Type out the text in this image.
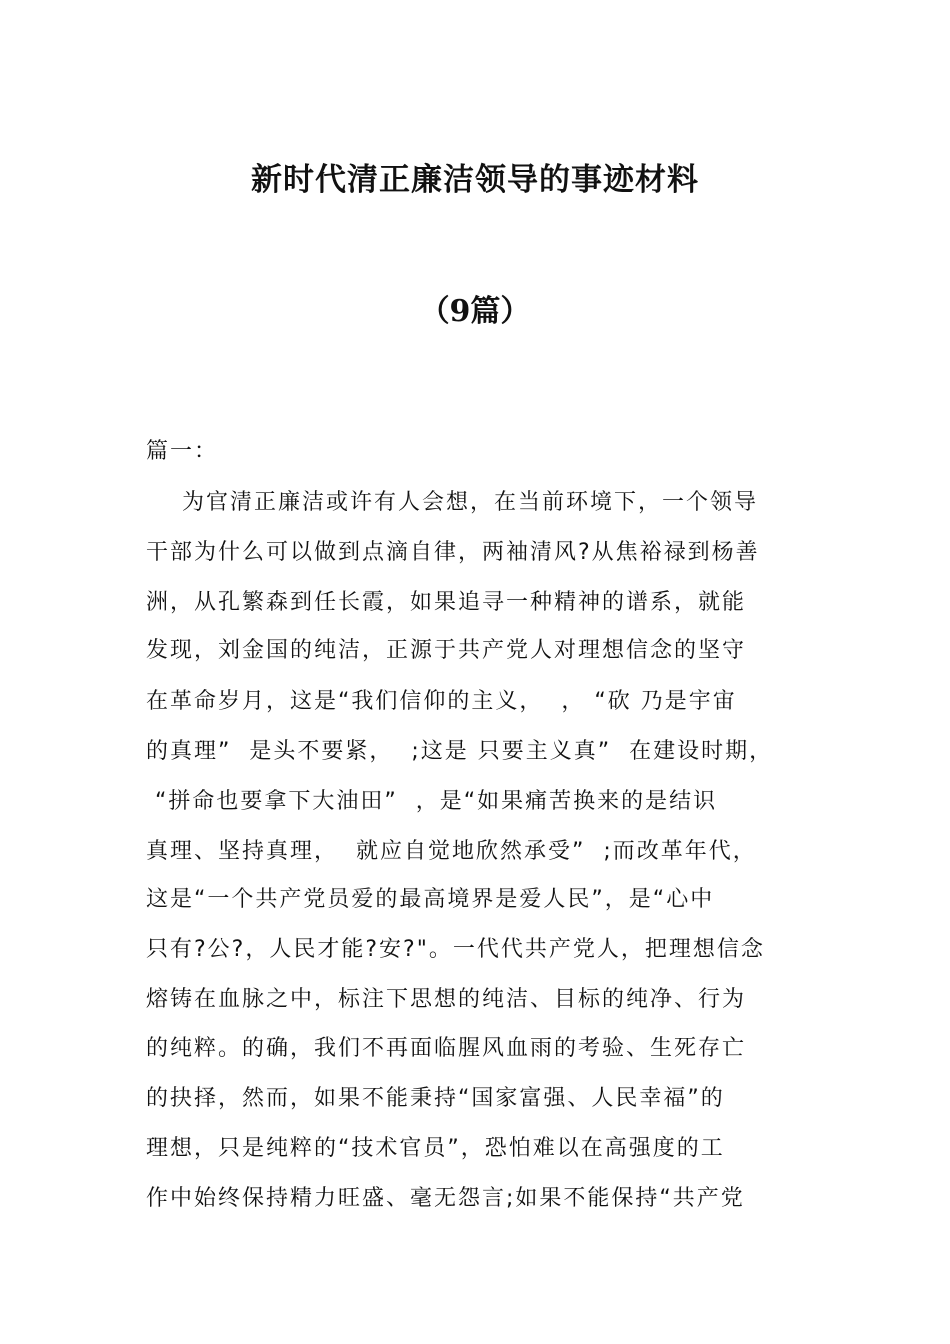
新时代清正廉洁领导的事迹材料
（9篇）
篇一：
为官清正廉洁或许有人会想，在当前环境下，一个领导
干部为什么可以做到点滴自律，两袖清风?从焦裕禄到杨善
洲，从孔繁森到任长霞，如果追寻一种精神的谱系，就能
发现，刘金国的纯洁，正源于共产党人对理想信念的坚守
在革命岁月，这是“我们信仰的主义，  ， “砍 乃是宇宙
的真理”  是头不要紧，  ;这是 只要主义真”  在建设时期，
“拼命也要拿下大油田”  ，是“如果痛苦换来的是结识
真理、坚持真理，  就应自觉地欣然承受”  ;而改革年代，
这是“一个共产党员爱的最高境界是爱人民”，是“心中
只有?公?，人民才能?安?"。一代代共产党人，把理想信念
熔铸在血脉之中，标注下思想的纯洁、目标的纯净、行为
的纯粹。的确，我们不再面临腥风血雨的考验、生死存亡
的抉择，然而，如果不能秉持“国家富强、人民幸福”的
理想，只是纯粹的“技术官员”，恐怕难以在高强度的工
作中始终保持精力旺盛、毫无怨言;如果不能保持“共产党
